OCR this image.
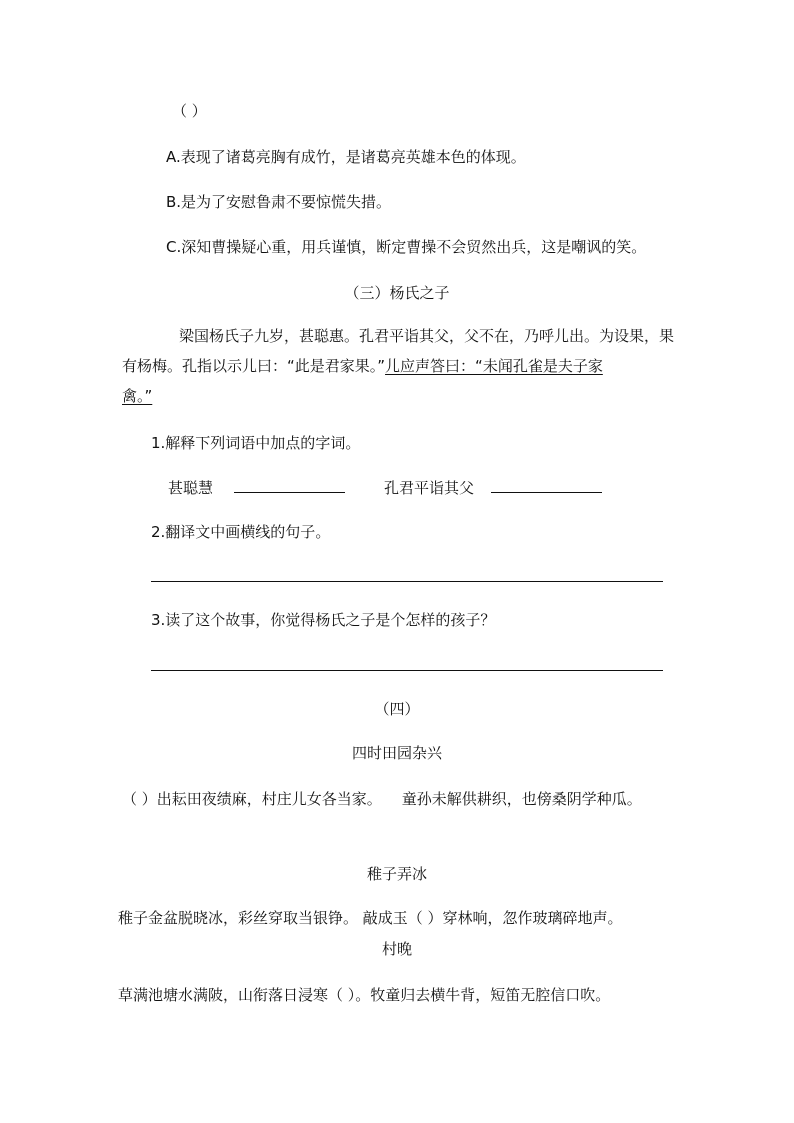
（ ）
A.表现了诸葛亮胸有成竹，是诸葛亮英雄本色的体现。
B.是为了安慰鲁肃不要惊慌失措。
C.深知曹操疑心重，用兵谨慎，断定曹操不会贸然出兵，这是嘲讽的笑。
（三）杨氏之子
梁国杨氏子九岁，甚聪惠。孔君平诣其父，父不在，乃呼儿出。为设果，果
有杨梅。孔指以示儿曰：“此是君家果。”儿应声答曰：“未闻孔雀是夫子家
禽。”
1.解释下列词语中加点的字词。
甚聪慧	孔君平诣其父
2.翻译文中画横线的句子。
3.读了这个故事，你觉得杨氏之子是个怎样的孩子？
（四）
四时田园杂兴
（ ）出耘田夜绩麻，村庄儿女各当家。 童孙未解供耕织，也傍桑阴学种瓜。
稚子弄冰
稚子金盆脱晓冰，彩丝穿取当银铮。 敲成玉（ ）穿林响，忽作玻璃碎地声。
村晚
草满池塘水满陂，山衔落日浸寒（ ）。牧童归去横牛背，短笛无腔信口吹。
